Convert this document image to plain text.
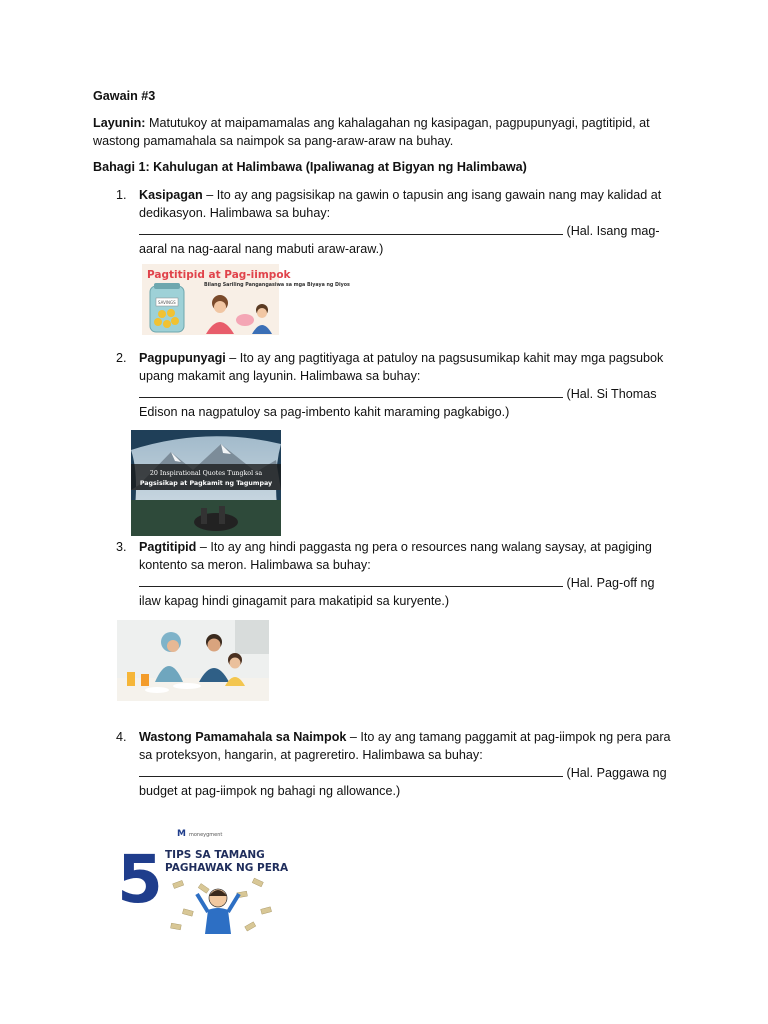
Gawain #3
Layunin: Matutukoy at maipamamalas ang kahalagahan ng kasipagan, pagpupunyagi, pagtitipid, at wastong pamamahala sa naimpok sa pang-araw-araw na buhay.
Bahagi 1: Kahulugan at Halimbawa (Ipaliwanag at Bigyan ng Halimbawa)
1. Kasipagan – Ito ay ang pagsisikap na gawin o tapusin ang isang gawain nang may kalidad at dedikasyon. Halimbawa sa buhay:
(Hal. Isang mag-aaral na nag-aaral nang mabuti araw-araw.)
Pagtitipid at Pag-iimpok
Bilang Sariling Pangangasiwa sa mga Biyaya ng Diyos
SAVINGS
2. Pagpupunyagi – Ito ay ang pagtitiyaga at patuloy na pagsusumikap kahit may mga pagsubok upang makamit ang layunin. Halimbawa sa buhay:
(Hal. Si Thomas Edison na nagpatuloy sa pag-imbento kahit maraming pagkabigo.)
20 Inspirational Quotes Tungkol sa
Pagsisikap at Pagkamit ng Tagumpay
3. Pagtitipid – Ito ay ang hindi paggasta ng pera o resources nang walang saysay, at pagiging kontento sa meron. Halimbawa sa buhay:
(Hal. Pag-off ng ilaw kapag hindi ginagamit para makatipid sa kuryente.)
4. Wastong Pamamahala sa Naimpok – Ito ay ang tamang paggamit at pag-iimpok ng pera para sa proteksyon, hangarin, at pagreretiro. Halimbawa sa buhay:
(Hal. Paggawa ng budget at pag-iimpok ng bahagi ng allowance.)
M moneygment
5 TIPS SA TAMANG
PAGHAWAK NG PERA
